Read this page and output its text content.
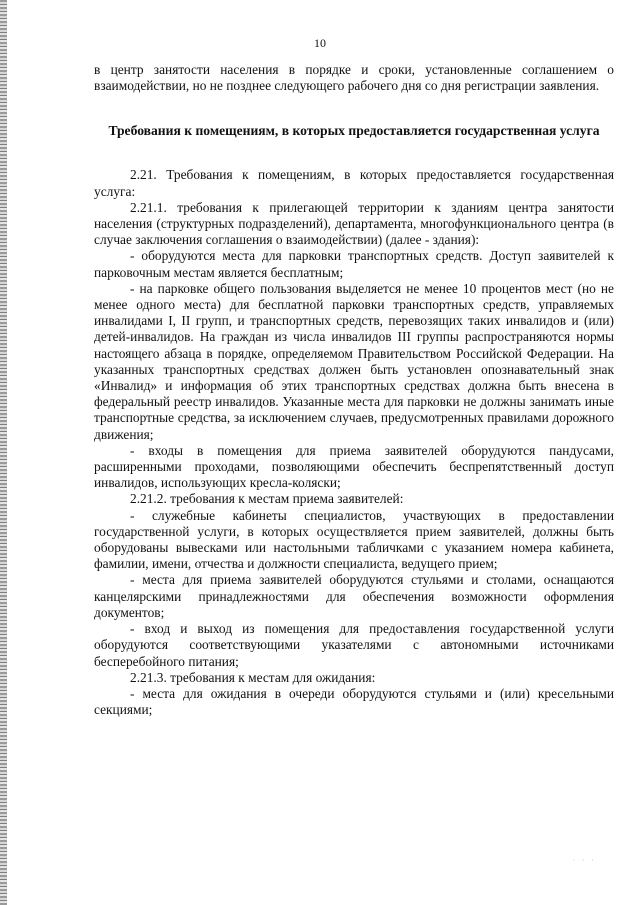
10

в центр занятости населения в порядке и сроки, установленные соглашением о взаимодействии, но не позднее следующего рабочего дня со дня регистрации заявления.

Требования к помещениям, в которых предоставляется государственная услуга

2.21. Требования к помещениям, в которых предоставляется государственная услуга:

2.21.1. требования к прилегающей территории к зданиям центра занятости населения (структурных подразделений), департамента, многофункционального центра (в случае заключения соглашения о взаимодействии) (далее - здания):

- оборудуются места для парковки транспортных средств. Доступ заявителей к парковочным местам является бесплатным;

- на парковке общего пользования выделяется не менее 10 процентов мест (но не менее одного места) для бесплатной парковки транспортных средств, управляемых инвалидами I, II групп, и транспортных средств, перевозящих таких инвалидов и (или) детей-инвалидов. На граждан из числа инвалидов III группы распространяются нормы настоящего абзаца в порядке, определяемом Правительством Российской Федерации. На указанных транспортных средствах должен быть установлен опознавательный знак «Инвалид» и информация об этих транспортных средствах должна быть внесена в федеральный реестр инвалидов. Указанные места для парковки не должны занимать иные транспортные средства, за исключением случаев, предусмотренных правилами дорожного движения;

- входы в помещения для приема заявителей оборудуются пандусами, расширенными проходами, позволяющими обеспечить беспрепятственный доступ инвалидов, использующих кресла-коляски;

2.21.2. требования к местам приема заявителей:

- служебные кабинеты специалистов, участвующих в предоставлении государственной услуги, в которых осуществляется прием заявителей, должны быть оборудованы вывесками или настольными табличками с указанием номера кабинета, фамилии, имени, отчества и должности специалиста, ведущего прием;

- места для приема заявителей оборудуются стульями и столами, оснащаются канцелярскими принадлежностями для обеспечения возможности оформления документов;

- вход и выход из помещения для предоставления государственной услуги оборудуются соответствующими указателями с автономными источниками бесперебойного питания;

2.21.3. требования к местам для ожидания:

- места для ожидания в очереди оборудуются стульями и (или) кресельными секциями;

· · ·
